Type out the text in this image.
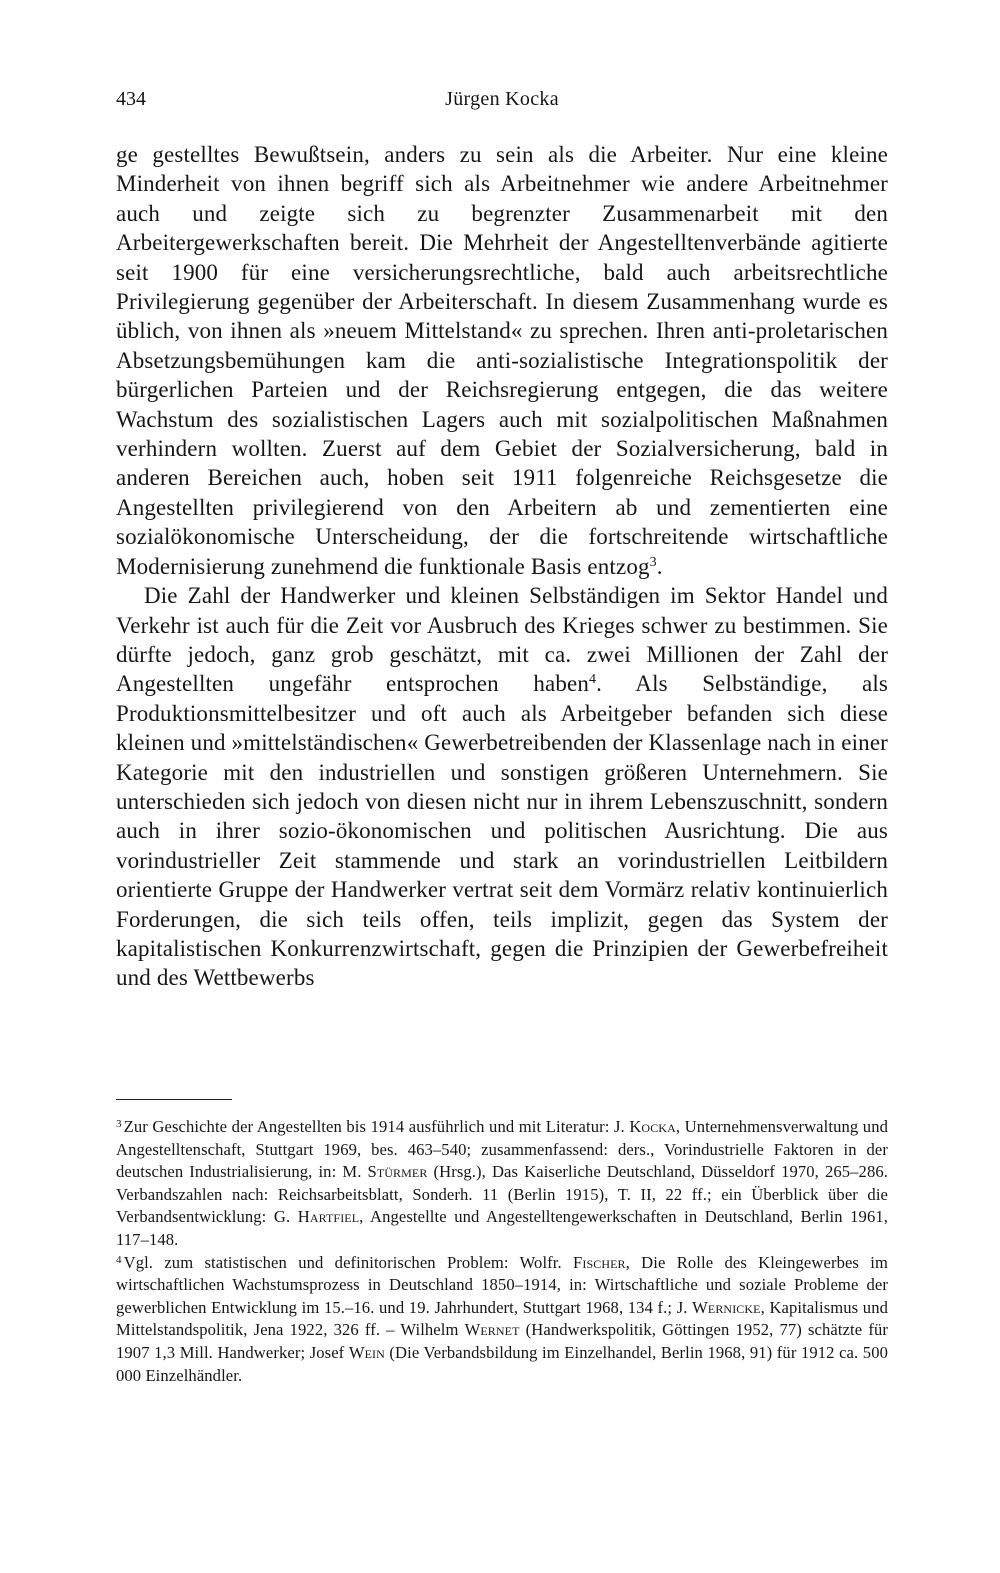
434	Jürgen Kocka

ge gestelltes Bewußtsein, anders zu sein als die Arbeiter. Nur eine kleine Minderheit von ihnen begriff sich als Arbeitnehmer wie andere Arbeitnehmer auch und zeigte sich zu begrenzter Zusammenarbeit mit den Arbeitergewerkschaften bereit. Die Mehrheit der Angestelltenverbände agitierte seit 1900 für eine versicherungsrechtliche, bald auch arbeitsrechtliche Privilegierung gegenüber der Arbeiterschaft. In diesem Zusammenhang wurde es üblich, von ihnen als »neuem Mittelstand« zu sprechen. Ihren anti-proletarischen Absetzungsbemühungen kam die anti-sozialistische Integrationspolitik der bürgerlichen Parteien und der Reichsregierung entgegen, die das weitere Wachstum des sozialistischen Lagers auch mit sozialpolitischen Maßnahmen verhindern wollten. Zuerst auf dem Gebiet der Sozialversicherung, bald in anderen Bereichen auch, hoben seit 1911 folgenreiche Reichsgesetze die Angestellten privilegierend von den Arbeitern ab und zementierten eine sozialökonomische Unterscheidung, der die fortschreitende wirtschaftliche Modernisierung zunehmend die funktionale Basis entzog$^3$.

Die Zahl der Handwerker und kleinen Selbständigen im Sektor Handel und Verkehr ist auch für die Zeit vor Ausbruch des Krieges schwer zu bestimmen. Sie dürfte jedoch, ganz grob geschätzt, mit ca. zwei Millionen der Zahl der Angestellten ungefähr entsprochen haben$^4$. Als Selbständige, als Produktionsmittelbesitzer und oft auch als Arbeitgeber befanden sich diese kleinen und »mittelständischen« Gewerbetreibenden der Klassenlage nach in einer Kategorie mit den industriellen und sonstigen größeren Unternehmern. Sie unterschieden sich jedoch von diesen nicht nur in ihrem Lebenszuschnitt, sondern auch in ihrer sozio-ökonomischen und politischen Ausrichtung. Die aus vorindustrieller Zeit stammende und stark an vorindustriellen Leitbildern orientierte Gruppe der Handwerker vertrat seit dem Vormärz relativ kontinuierlich Forderungen, die sich teils offen, teils implizit, gegen das System der kapitalistischen Konkurrenzwirtschaft, gegen die Prinzipien der Gewerbefreiheit und des Wettbewerbs

$^3$ Zur Geschichte der Angestellten bis 1914 ausführlich und mit Literatur: J. Kocka, Unternehmensverwaltung und Angestelltenschaft, Stuttgart 1969, bes. 463–540; zusammenfassend: ders., Vorindustrielle Faktoren in der deutschen Industrialisierung, in: M. Stürmer (Hrsg.), Das Kaiserliche Deutschland, Düsseldorf 1970, 265–286. Verbandszahlen nach: Reichsarbeitsblatt, Sonderh. 11 (Berlin 1915), T. II, 22 ff.; ein Überblick über die Verbandsentwicklung: G. Hartfiel, Angestellte und Angestelltengewerkschaften in Deutschland, Berlin 1961, 117–148.

$^4$ Vgl. zum statistischen und definitorischen Problem: Wolfr. Fischer, Die Rolle des Kleingewerbes im wirtschaftlichen Wachstumsprozess in Deutschland 1850–1914, in: Wirtschaftliche und soziale Probleme der gewerblichen Entwicklung im 15.–16. und 19. Jahrhundert, Stuttgart 1968, 134 f.; J. Wernicke, Kapitalismus und Mittelstandspolitik, Jena 1922, 326 ff. – Wilhelm Wernet (Handwerkspolitik, Göttingen 1952, 77) schätzte für 1907 1,3 Mill. Handwerker; Josef Wein (Die Verbandsbildung im Einzelhandel, Berlin 1968, 91) für 1912 ca. 500 000 Einzelhändler.
